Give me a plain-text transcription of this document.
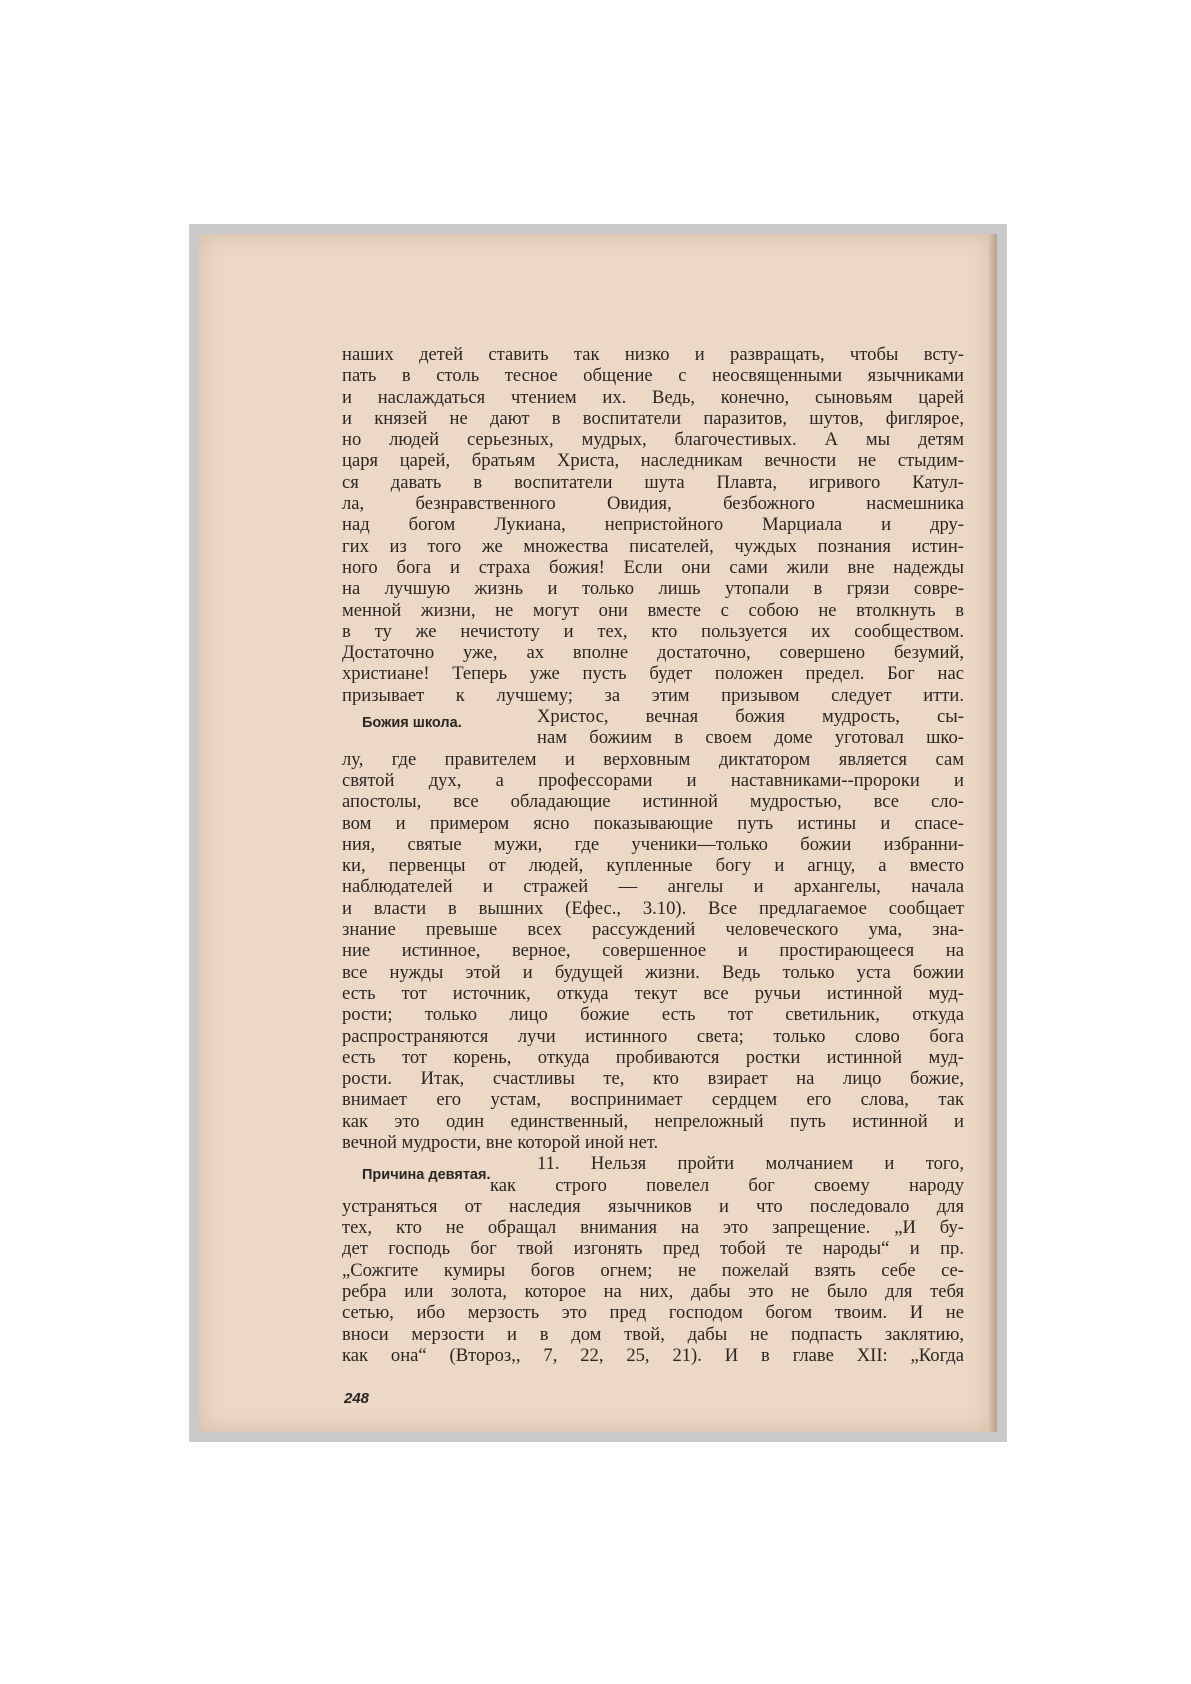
наших детей ставить так низко и развращать, чтобы всту-
пать в столь тесное общение с неосвященными язычниками
и наслаждаться чтением их. Ведь, конечно, сыновьям царей
и князей не дают в воспитатели паразитов, шутов, фиглярое,
но людей серьезных, мудрых, благочестивых. А мы детям
царя царей, братьям Христа, наследникам вечности не стыдим-
ся давать в воспитатели шута Плавта, игривого Катул-
ла, безнравственного Овидия, безбожного насмешника
над богом Лукиана, непристойного Марциала и дру-
гих из того же множества писателей, чуждых познания истин-
ного бога и страха божия! Если они сами жили вне надежды
на лучшую жизнь и только лишь утопали в грязи совре-
менной жизни, не могут они вместе с собою не втолкнуть в
в ту же нечистоту и тех, кто пользуется их сообществом.
Достаточно уже, ах вполне достаточно, совершено безумий,
христиане! Теперь уже пусть будет положен предел. Бог нас
призывает к лучшему; за этим призывом следует итти.
Божия школа.	Христос, вечная божия мудрость, сы-
нам божиим в своем доме уготовал шко-
лу, где правителем и верховным диктатором является сам
святой дух, а профессорами и наставниками--пророки и
апостолы, все обладающие истинной мудростью, все сло-
вом и примером ясно показывающие путь истины и спасе-
ния, святые мужи, где ученики—только божии избранни-
ки, первенцы от людей, купленные богу и агнцу, а вместо
наблюдателей и стражей — ангелы и архангелы, начала
и власти в вышних (Ефес., 3.10). Все предлагаемое сообщает
знание превыше всех рассуждений человеческого ума, зна-
ние истинное, верное, совершенное и простирающееся на
все нужды этой и будущей жизни. Ведь только уста божии
есть тот источник, откуда текут все ручьи истинной муд-
рости; только лицо божие есть тот светильник, откуда
распространяются лучи истинного света; только слово бога
есть тот корень, откуда пробиваются ростки истинной муд-
рости. Итак, счастливы те, кто взирает на лицо божие,
внимает его устам, воспринимает сердцем его слова, так
как это один единственный, непреложный путь истинной и
вечной мудрости, вне которой иной нет.
Причина девятая.
11. Нельзя пройти молчанием и того,
как строго повелел бог своему народу
устраняться от наследия язычников и что последовало для
тех, кто не обращал внимания на это запрещение. „И бу-
дет господь бог твой изгонять пред тобой те народы“ и пр.
„Сожгите кумиры богов огнем; не пожелай взять себе се-
ребра или золота, которое на них, дабы это не было для тебя
сетью, ибо мерзость это пред господом богом твоим. И не
вноси мерзости и в дом твой, дабы не подпасть заклятию,
как она“ (Второз,, 7, 22, 25, 21). И в главе XII: „Когда
248
